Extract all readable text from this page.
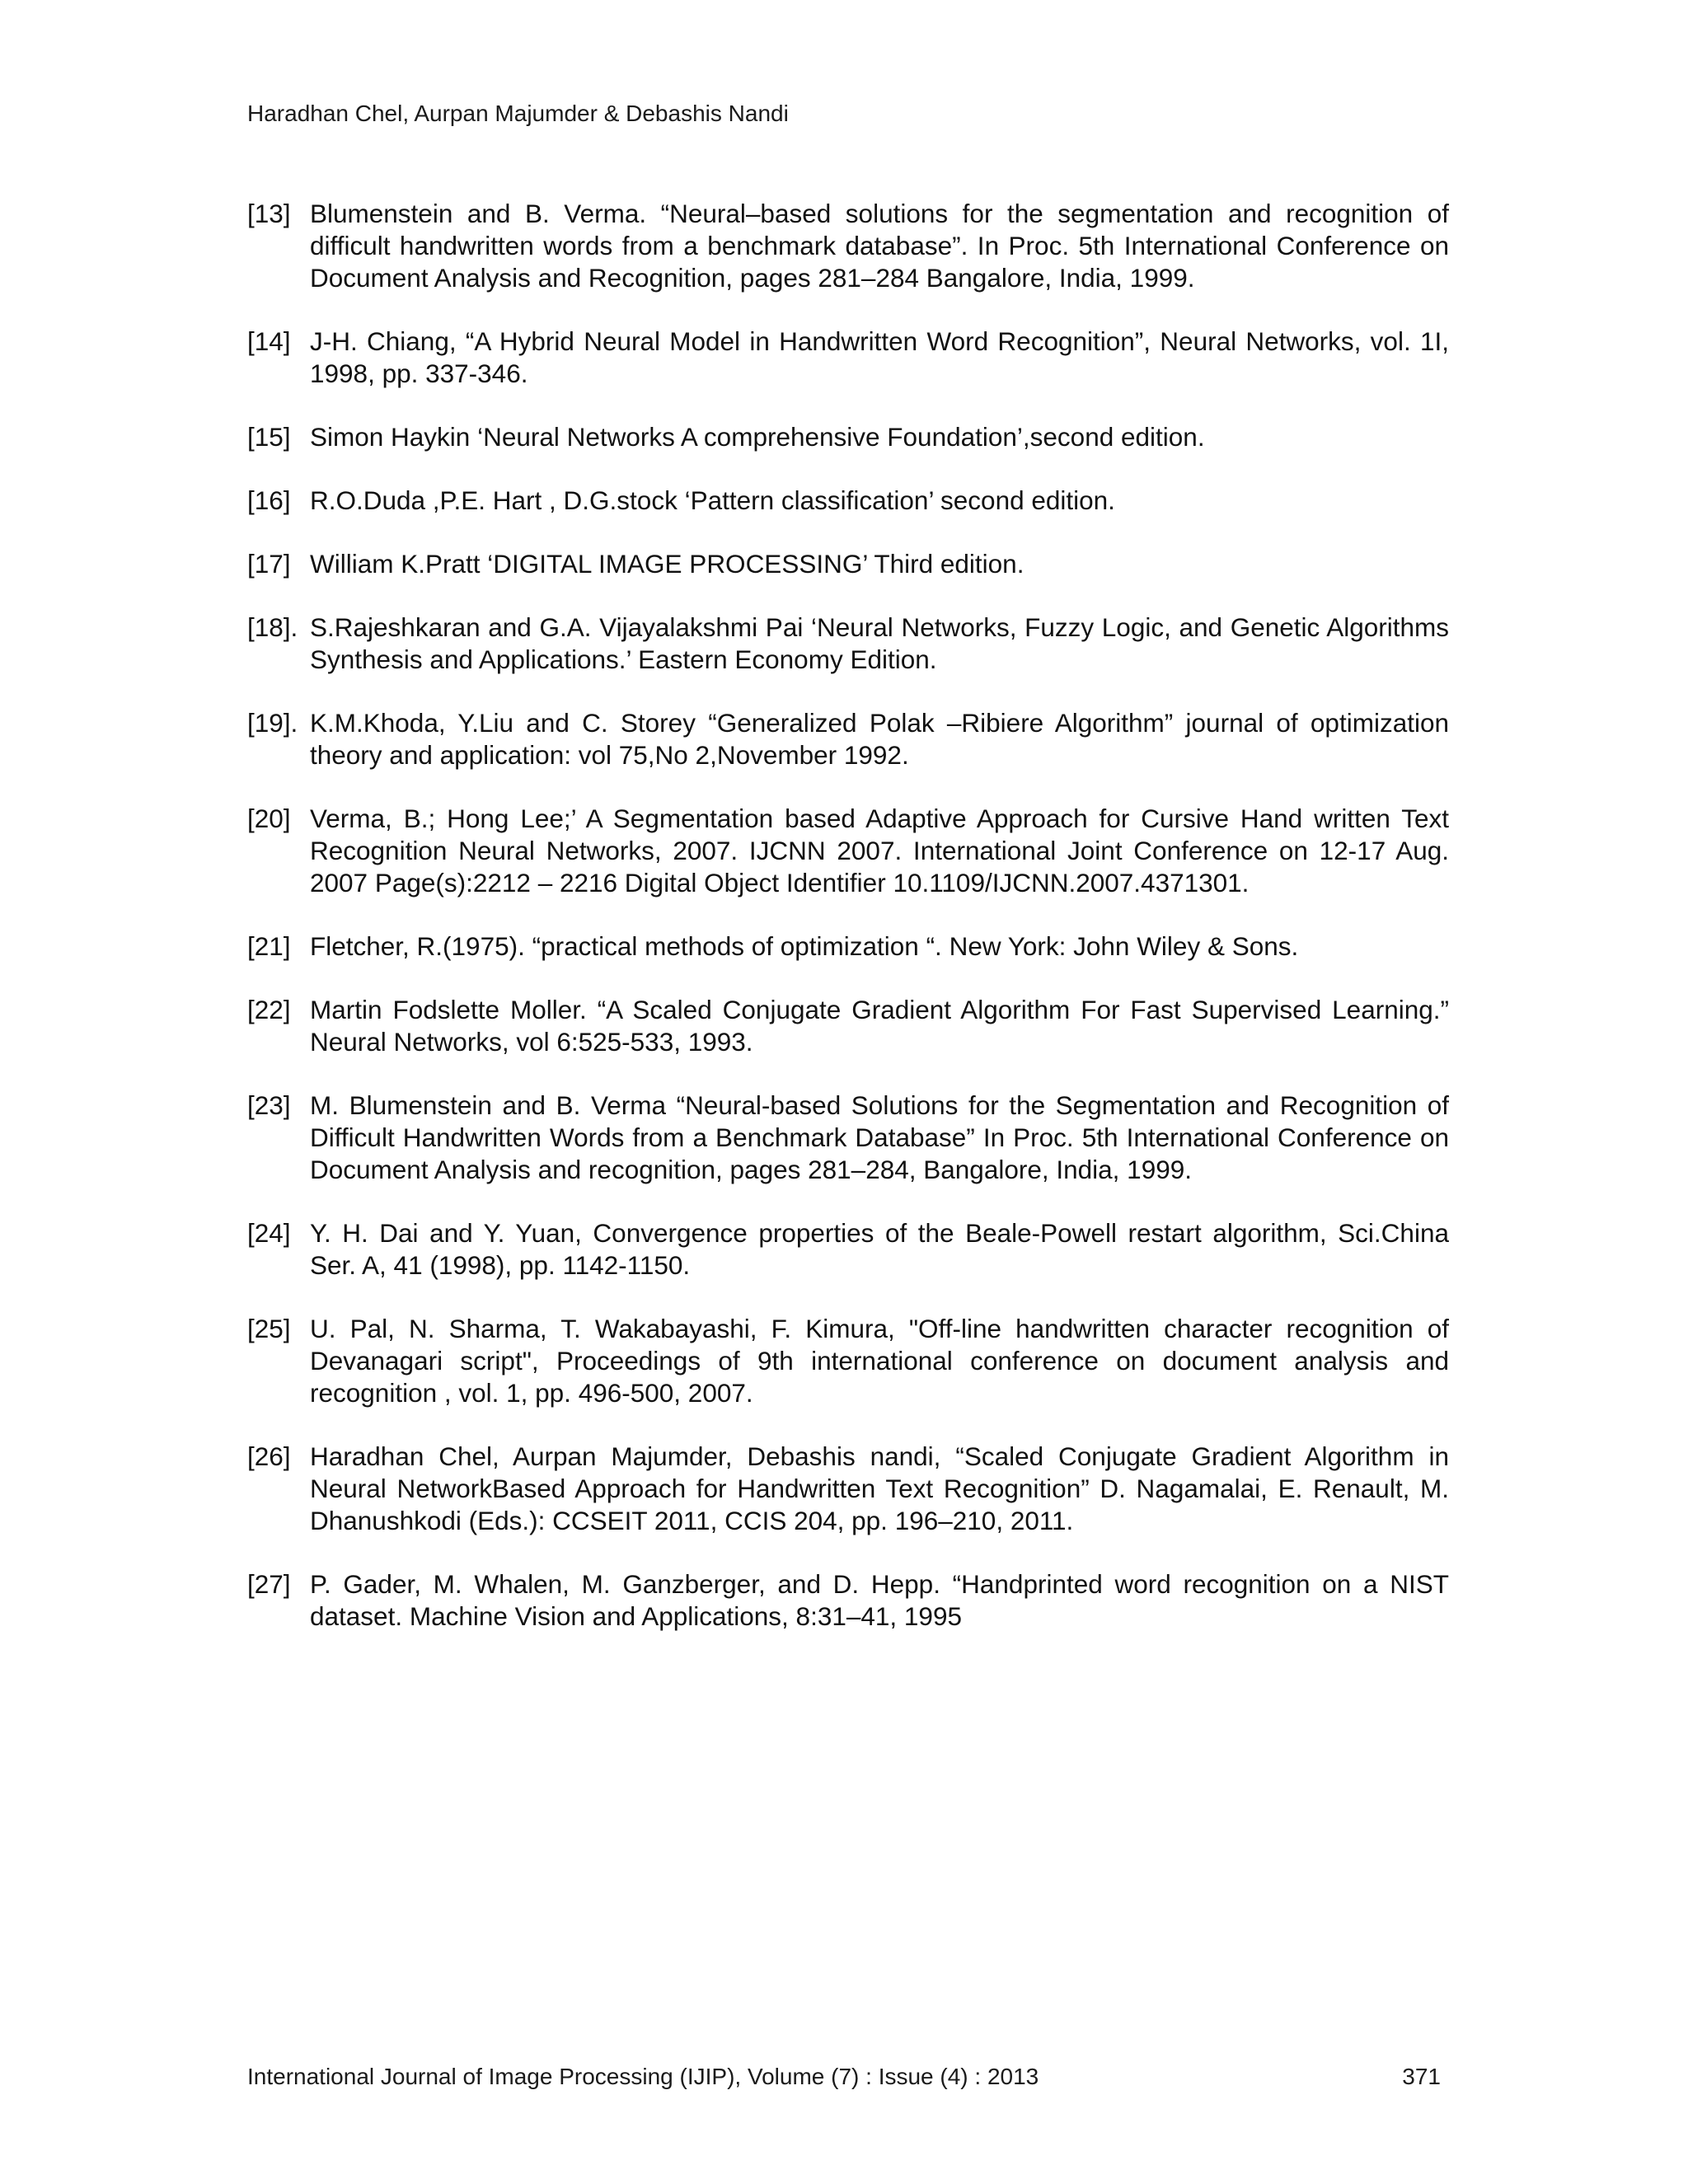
Haradhan Chel, Aurpan Majumder & Debashis Nandi
[13] Blumenstein and B. Verma. “Neural–based solutions for the segmentation and recognition of difficult handwritten words from a benchmark database”. In Proc. 5th International Conference on Document Analysis and Recognition, pages 281–284 Bangalore, India, 1999.
[14] J-H. Chiang, “A Hybrid Neural Model in Handwritten Word Recognition”, Neural Networks, vol. 1I, 1998, pp. 337-346.
[15] Simon Haykin ‘Neural Networks A comprehensive Foundation’,second edition.
[16] R.O.Duda ,P.E. Hart , D.G.stock ‘Pattern classification’ second edition.
[17] William K.Pratt ‘DIGITAL IMAGE PROCESSING’ Third edition.
[18]. S.Rajeshkaran and G.A. Vijayalakshmi Pai ‘Neural Networks, Fuzzy Logic, and Genetic Algorithms Synthesis and Applications.’ Eastern Economy Edition.
[19]. K.M.Khoda, Y.Liu and C. Storey “Generalized Polak –Ribiere Algorithm” journal of optimization theory and application: vol 75,No 2,November 1992.
[20] Verma, B.; Hong Lee;’ A Segmentation based Adaptive Approach for Cursive Hand written Text Recognition Neural Networks, 2007. IJCNN 2007. International Joint Conference on 12-17 Aug. 2007 Page(s):2212 – 2216 Digital Object Identifier 10.1109/IJCNN.2007.4371301.
[21] Fletcher, R.(1975). “practical methods of optimization “. New York: John Wiley & Sons.
[22] Martin Fodslette Moller. “A Scaled Conjugate Gradient Algorithm For Fast Supervised Learning.” Neural Networks, vol 6:525-533, 1993.
[23] M. Blumenstein and B. Verma “Neural-based Solutions for the Segmentation and Recognition of Difficult Handwritten Words from a Benchmark Database” In Proc. 5th International Conference on Document Analysis and recognition, pages 281–284, Bangalore, India, 1999.
[24] Y. H. Dai and Y. Yuan, Convergence properties of the Beale-Powell restart algorithm, Sci.China Ser. A, 41 (1998), pp. 1142-1150.
[25] U. Pal, N. Sharma, T. Wakabayashi, F. Kimura, "Off-line handwritten character recognition of Devanagari script", Proceedings of 9th international conference on document analysis and recognition , vol. 1, pp. 496-500, 2007.
[26] Haradhan Chel, Aurpan Majumder, Debashis nandi, “Scaled Conjugate Gradient Algorithm in Neural NetworkBased Approach for Handwritten Text Recognition” D. Nagamalai, E. Renault, M. Dhanushkodi (Eds.): CCSEIT 2011, CCIS 204, pp. 196–210, 2011.
[27] P. Gader, M. Whalen, M. Ganzberger, and D. Hepp. “Handprinted word recognition on a NIST dataset. Machine Vision and Applications, 8:31–41, 1995
International Journal of Image Processing (IJIP), Volume (7) : Issue (4) : 2013	371
